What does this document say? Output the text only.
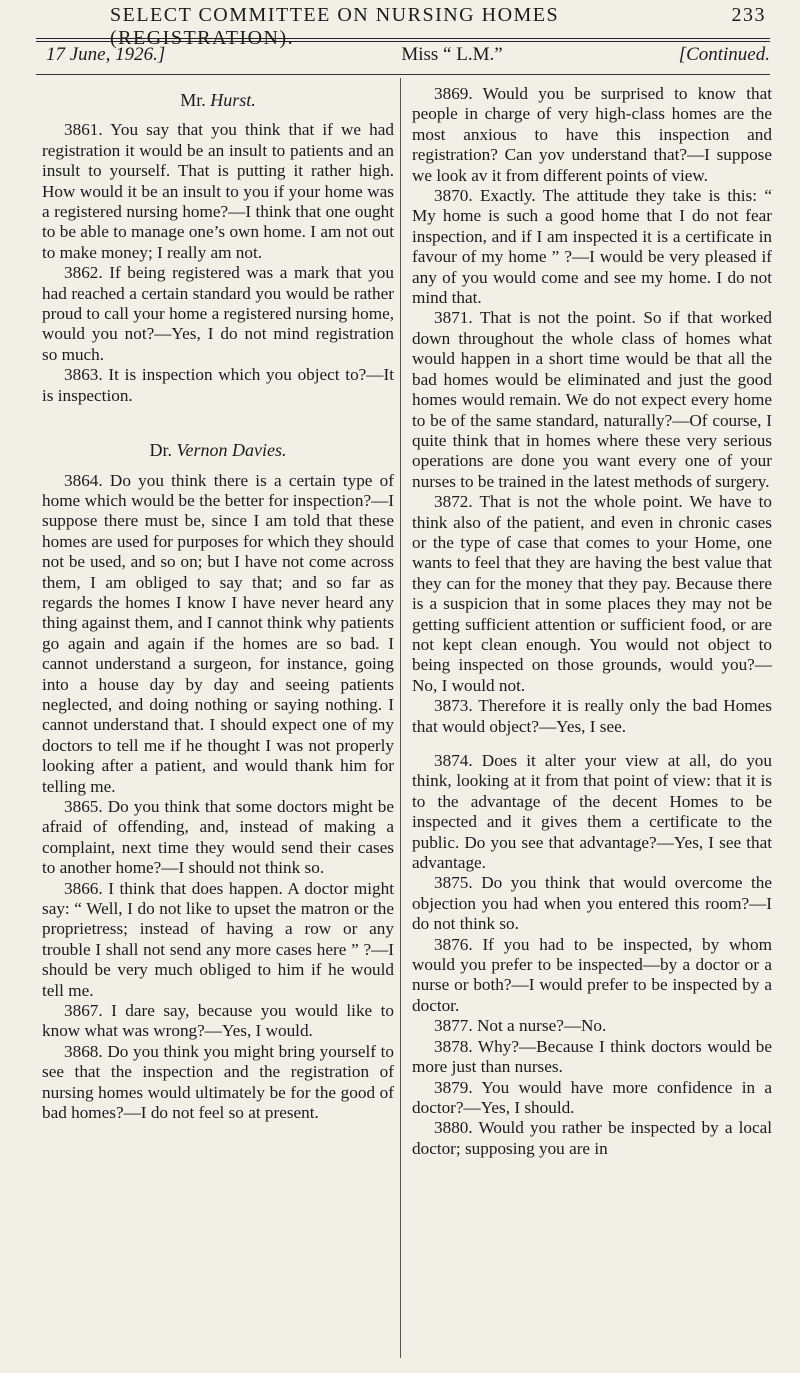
SELECT COMMITTEE ON NURSING HOMES (REGISTRATION).
233
17 June, 1926.]	Miss “ L.M.”	[Continued.
Mr. Hurst.

3861. You say that you think that if we had registration it would be an insult to patients and an insult to yourself. That is putting it rather high. How would it be an insult to you if your home was a registered nursing home?—I think that one ought to be able to manage one’s own home. I am not out to make money; I really am not.

3862. If being registered was a mark that you had reached a certain standard you would be rather proud to call your home a registered nursing home, would you not?—Yes, I do not mind registration so much.

3863. It is inspection which you object to?—It is inspection.

Dr. Vernon Davies.

3864. Do you think there is a certain type of home which would be the better for inspection?—I suppose there must be, since I am told that these homes are used for purposes for which they should not be used, and so on; but I have not come across them, I am obliged to say that; and so far as regards the homes I know I have never heard any thing against them, and I cannot think why patients go again and again if the homes are so bad. I cannot understand a surgeon, for instance, going into a house day by day and seeing patients neglected, and doing nothing or saying nothing. I cannot understand that. I should expect one of my doctors to tell me if he thought I was not properly looking after a patient, and would thank him for telling me.

3865. Do you think that some doctors might be afraid of offending, and, instead of making a complaint, next time they would send their cases to another home?—I should not think so.

3866. I think that does happen. A doctor might say: “ Well, I do not like to upset the matron or the proprietress; instead of having a row or any trouble I shall not send any more cases here ” ?—I should be very much obliged to him if he would tell me.

3867. I dare say, because you would like to know what was wrong?—Yes, I would.

3868. Do you think you might bring yourself to see that the inspection and the registration of nursing homes would ultimately be for the good of bad homes?—I do not feel so at present.

3869. Would you be surprised to know that people in charge of very high-class homes are the most anxious to have this inspection and registration? Can yov understand that?—I suppose we look av it from different points of view.

3870. Exactly. The attitude they take is this: “ My home is such a good home that I do not fear inspection, and if I am inspected it is a certificate in favour of my home ” ?—I would be very pleased if any of you would come and see my home. I do not mind that.

3871. That is not the point. So if that worked down throughout the whole class of homes what would happen in a short time would be that all the bad homes would be eliminated and just the good homes would remain. We do not expect every home to be of the same standard, naturally?—Of course, I quite think that in homes where these very serious operations are done you want every one of your nurses to be trained in the latest methods of surgery.

3872. That is not the whole point. We have to think also of the patient, and even in chronic cases or the type of case that comes to your Home, one wants to feel that they are having the best value that they can for the money that they pay. Because there is a suspicion that in some places they may not be getting sufficient attention or sufficient food, or are not kept clean enough. You would not object to being inspected on those grounds, would you?—No, I would not.

3873. Therefore it is really only the bad Homes that would object?—Yes, I see.

3874. Does it alter your view at all, do you think, looking at it from that point of view: that it is to the advantage of the decent Homes to be inspected and it gives them a certificate to the public. Do you see that advantage?—Yes, I see that advantage.

3875. Do you think that would overcome the objection you had when you entered this room?—I do not think so.

3876. If you had to be inspected, by whom would you prefer to be inspected—by a doctor or a nurse or both?—I would prefer to be inspected by a doctor.

3877. Not a nurse?—No.

3878. Why?—Because I think doctors would be more just than nurses.

3879. You would have more confidence in a doctor?—Yes, I should.

3880. Would you rather be inspected by a local doctor; supposing you are in
